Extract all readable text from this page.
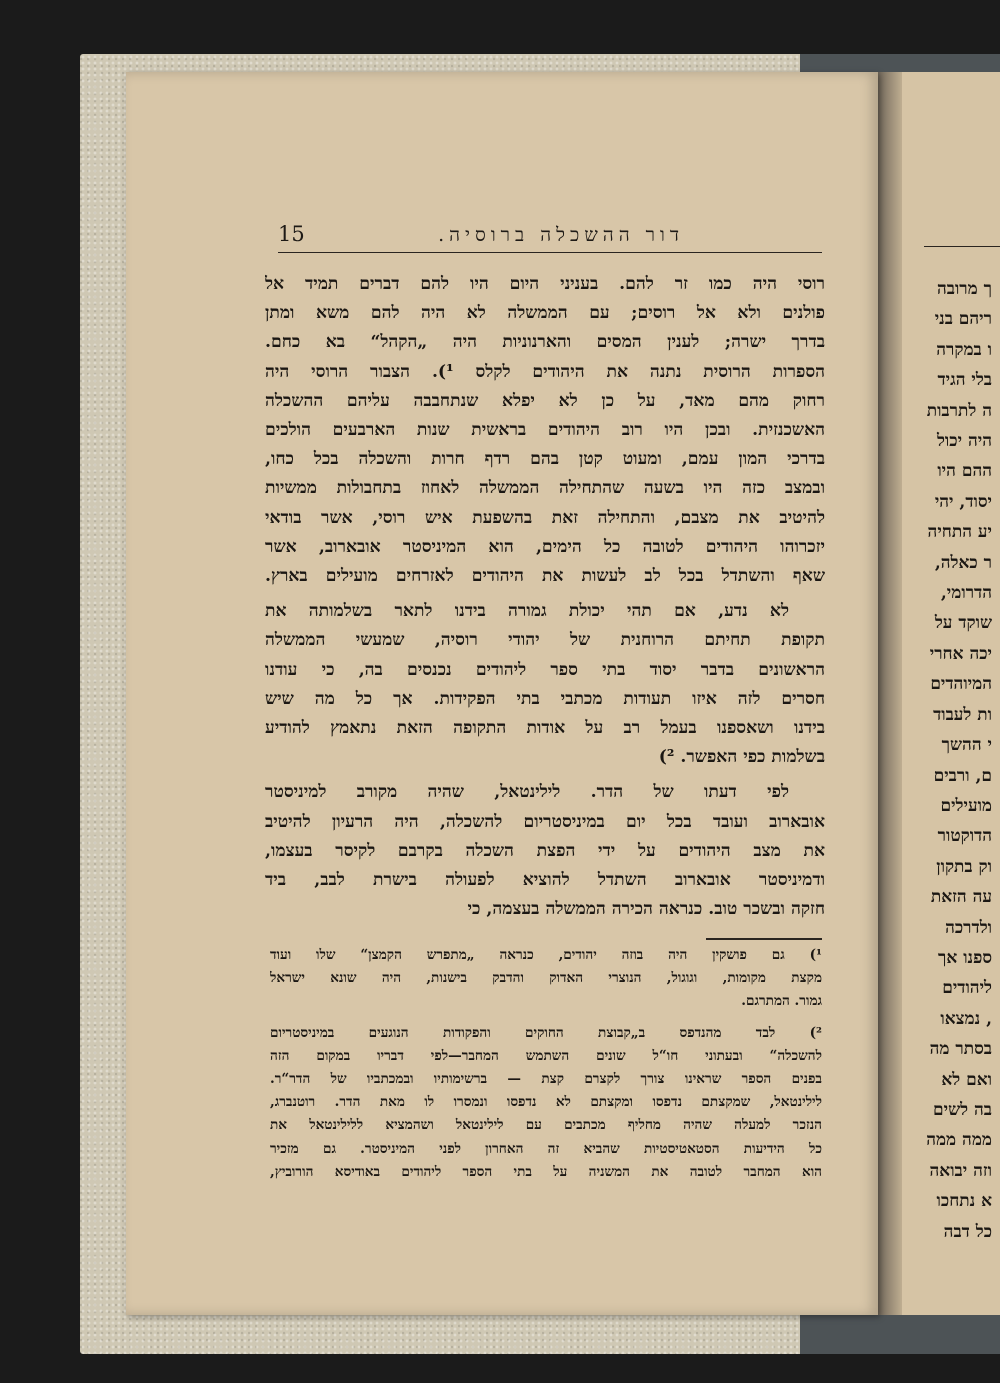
15	דור ההשכלה ברוסיה.
רוסי היה כמו זר להם. בעניני היום היו להם דברים תמיד אל
פולנים ולא אל רוסים; עם הממשלה לא היה להם משא ומתן
בדרך ישרה; לענין המסים והארנוניות היה „הקהל“ בא כחם.
הספרות הרוסית נתנה את היהודים לקלס ¹). הצבור הרוסי היה
רחוק מהם מאד, על כן לא יפלא שנתחבבה עליהם ההשכלה
האשכנזית. ובכן היו רוב היהודים בראשית שנות הארבעים הולכים
בדרכי המון עמם, ומעוט קטן בהם רדף חרות והשכלה בכל כחו,
ובמצב כזה היו בשעה שהתחילה הממשלה לאחוז בתחבולות ממשיות
להיטיב את מצבם, והתחילה זאת בהשפעת איש רוסי, אשר בודאי
יזכרוהו היהודים לטובה כל הימים, הוא המיניסטר אובארוב, אשר
שאף והשתדל בכל לב לעשות את היהודים לאזרחים מועילים בארץ.
לא נדע, אם תהי יכולת גמורה בידנו לתאר בשלמותה את
תקופת תחיתם הרוחנית של יהודי רוסיה, שמעשי הממשלה
הראשונים בדבר יסוד בתי ספר ליהודים נכנסים בה, כי עודנו
חסרים לזה איזו תעודות מכתבי בתי הפקידות. אך כל מה שיש
בידנו ושאספנו בעמל רב על אודות התקופה הזאת נתאמץ להודיע
בשלמות כפי האפשר. ²)
לפי דעתו של הדר. לילינטאל, שהיה מקורב למיניסטר
אובארוב ועובד בכל יום במיניסטריום להשכלה, היה הרעיון להיטיב
את מצב היהודים על ידי הפצת השכלה בקרבם לקיסר בעצמו,
ודמיניסטר אובארוב השתדל להוציא לפעולה בישרת לבב, ביד
חזקה ובשכר טוב. כנראה הכירה הממשלה בעצמה, כי
¹) גם פושקין היה בוזה יהודים, כנראה „מתפרש הקמצן“ שלו ועוד
מקצת מקומות, וגוגול, הנוצרי האדוק והדבק בישנות, היה שונא ישראל
גמור. המתרגם.
²) לבד מהנדפס ב„קבוצת החוקים והפקודות הנוגעים במיניסטריום
להשכלה“ ובעתוני חו“ל שונים השתמש המחבר—לפי דבריו במקום הזה
בפנים הספר שראינו צורך לקצרם קצת — ברשימותיו ובמכתביו של הדר“ר.
לילינטאל, שמקצתם נדפסו ומקצתם לא נדפסו ונמסרו לו מאת הדר. רוטנברג,
הנזכר למעלה שהיה מחליף מכתבים עם לילינטאל ושהמציא ללילינטאל את
כל הידיעות הסטאטיסטיות שהביא זה האחרון לפני המיניסטר. גם מזכיר
הוא המחבר לטובה את המשניה על בתי הספר ליהודים באודיסא הורוביץ,
ך מרובה
ריהם בני
ו במקרה
בלי הגיד
ה לתרבות
היה יכול
ההם היו
יסוד, יהי
יע התחיה
ר כאלה,
הדרומי,
שוקד על
יכה אחרי
המיוהדים
ות לעבוד
י ההשך
ם, ורבים
מועילים
הדוקטור
וק בתקון
עה הזאת
ולדרכה
ספנו אך
ליהודים
, נמצאו
בסתר מה
ואם לא
בה לשים
ממה ממה
וזה יבואה
א נתחכו
כל דבה
